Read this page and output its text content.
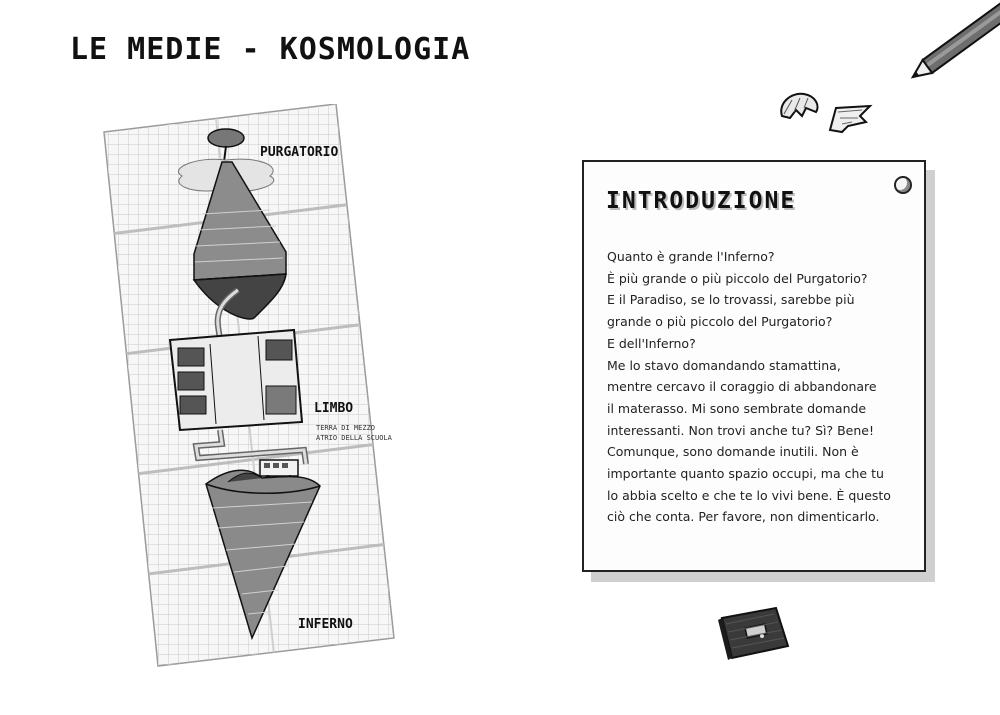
LE MEDIE - KOSMOLOGIA
PURGATORIO
LIMBO
TERRA DI MEZZO
ATRIO DELLA SCUOLA
INFERNO
INTRODUZIONE
Quanto è grande l'Inferno?
È più grande o più piccolo del Purgatorio?
E il Paradiso, se lo trovassi, sarebbe più
grande o più piccolo del Purgatorio?
E dell'Inferno?
Me lo stavo domandando stamattina,
mentre cercavo il coraggio di abbandonare
il materasso. Mi sono sembrate domande
interessanti. Non trovi anche tu? Sì? Bene!
Comunque, sono domande inutili. Non è
importante quanto spazio occupi, ma che tu
lo abbia scelto e che te lo vivi bene. È questo
ciò che conta. Per favore, non dimenticarlo.
